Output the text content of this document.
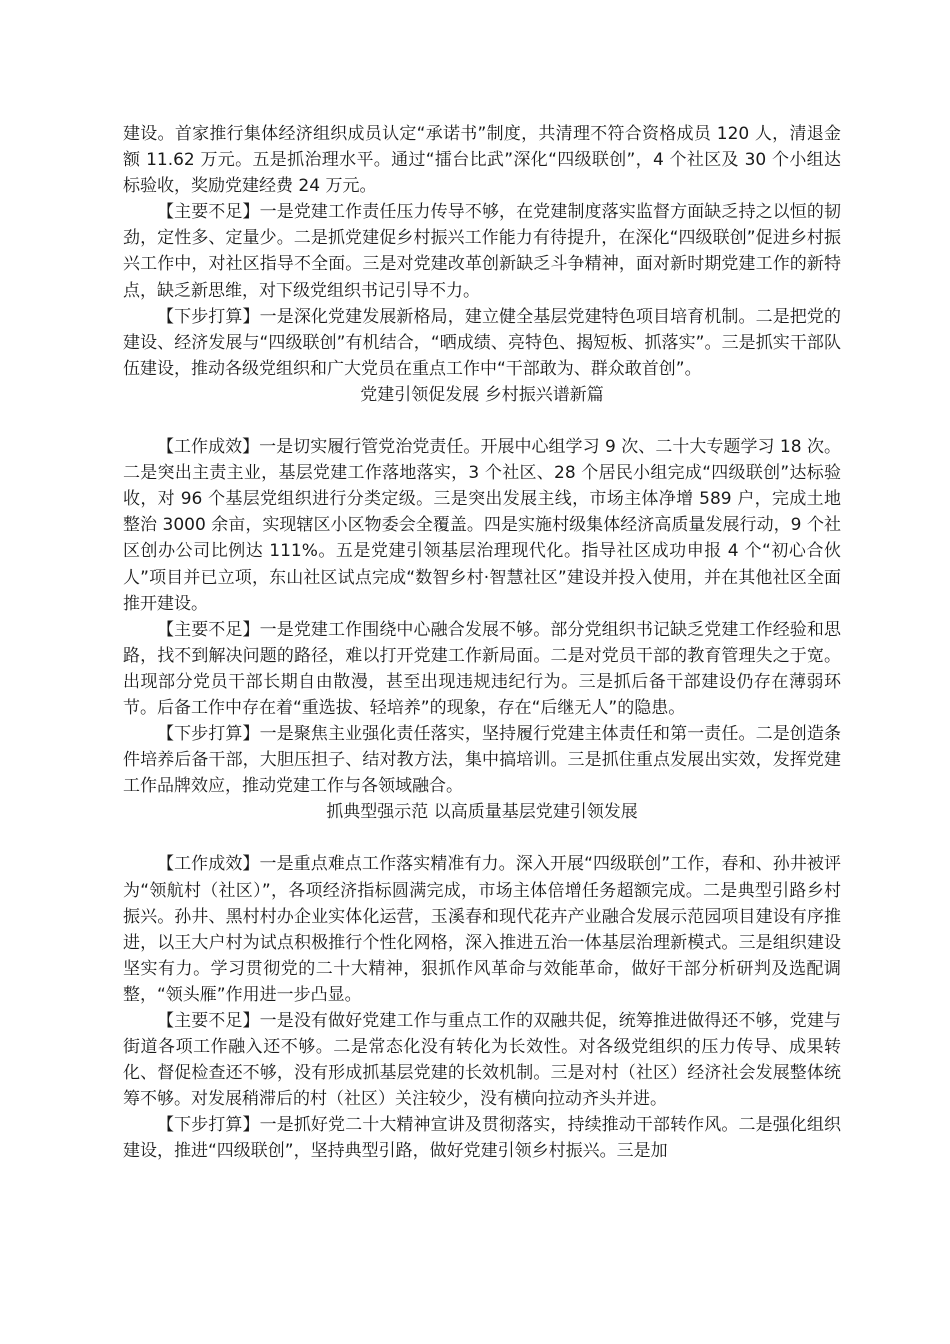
建设。首家推行集体经济组织成员认定“承诺书”制度，共清理不符合资格成员 120 人，清退金额 11.62 万元。五是抓治理水平。通过“擂台比武”深化“四级联创”，4 个社区及 30 个小组达标验收，奖励党建经费 24 万元。

【主要不足】一是党建工作责任压力传导不够，在党建制度落实监督方面缺乏持之以恒的韧劲，定性多、定量少。二是抓党建促乡村振兴工作能力有待提升，在深化“四级联创”促进乡村振兴工作中，对社区指导不全面。三是对党建改革创新缺乏斗争精神，面对新时期党建工作的新特点，缺乏新思维，对下级党组织书记引导不力。

【下步打算】一是深化党建发展新格局，建立健全基层党建特色项目培育机制。二是把党的建设、经济发展与“四级联创”有机结合，“晒成绩、亮特色、揭短板、抓落实”。三是抓实干部队伍建设，推动各级党组织和广大党员在重点工作中“干部敢为、群众敢首创”。

党建引领促发展 乡村振兴谱新篇

【工作成效】一是切实履行管党治党责任。开展中心组学习 9 次、二十大专题学习 18 次。二是突出主责主业，基层党建工作落地落实，3 个社区、28 个居民小组完成“四级联创”达标验收，对 96 个基层党组织进行分类定级。三是突出发展主线，市场主体净增 589 户，完成土地整治 3000 余亩，实现辖区小区物委会全覆盖。四是实施村级集体经济高质量发展行动，9 个社区创办公司比例达 111%。五是党建引领基层治理现代化。指导社区成功申报 4 个“初心合伙人”项目并已立项，东山社区试点完成“数智乡村·智慧社区”建设并投入使用，并在其他社区全面推开建设。

【主要不足】一是党建工作围绕中心融合发展不够。部分党组织书记缺乏党建工作经验和思路，找不到解决问题的路径，难以打开党建工作新局面。二是对党员干部的教育管理失之于宽。出现部分党员干部长期自由散漫，甚至出现违规违纪行为。三是抓后备干部建设仍存在薄弱环节。后备工作中存在着“重选拔、轻培养”的现象，存在“后继无人”的隐患。

【下步打算】一是聚焦主业强化责任落实，坚持履行党建主体责任和第一责任。二是创造条件培养后备干部，大胆压担子、结对教方法，集中搞培训。三是抓住重点发展出实效，发挥党建工作品牌效应，推动党建工作与各领域融合。

抓典型强示范 以高质量基层党建引领发展

【工作成效】一是重点难点工作落实精准有力。深入开展“四级联创”工作，春和、孙井被评为“领航村（社区）”，各项经济指标圆满完成，市场主体倍增任务超额完成。二是典型引路乡村振兴。孙井、黑村村办企业实体化运营，玉溪春和现代花卉产业融合发展示范园项目建设有序推进，以王大户村为试点积极推行个性化网格，深入推进五治一体基层治理新模式。三是组织建设坚实有力。学习贯彻党的二十大精神，狠抓作风革命与效能革命，做好干部分析研判及选配调整，“领头雁”作用进一步凸显。

【主要不足】一是没有做好党建工作与重点工作的双融共促，统筹推进做得还不够，党建与街道各项工作融入还不够。二是常态化没有转化为长效性。对各级党组织的压力传导、成果转化、督促检查还不够，没有形成抓基层党建的长效机制。三是对村（社区）经济社会发展整体统筹不够。对发展稍滞后的村（社区）关注较少，没有横向拉动齐头并进。

【下步打算】一是抓好党二十大精神宣讲及贯彻落实，持续推动干部转作风。二是强化组织建设，推进“四级联创”，坚持典型引路，做好党建引领乡村振兴。三是加
